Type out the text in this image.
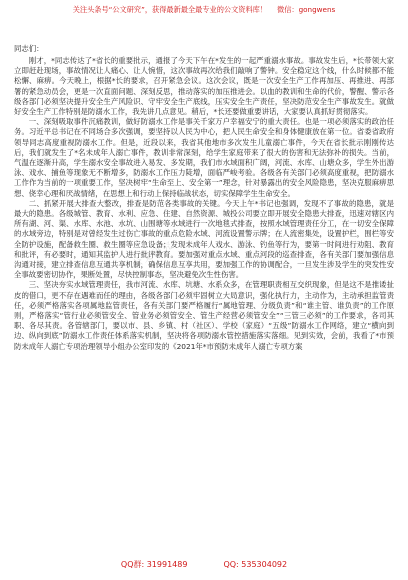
关注头条号“公文研究”，获得最新最全最专业的公文资料库！ 微信：gongwens
同志们：

刚才，*同志传达了*省长的重要批示，通报了今天下午在*发生的一起严重溺水事故。事故发生后，*长带领大家立即赶赴现场，事故情况让人痛心、让人惋惜，这次事故再次给我们敲响了警钟。安全稳定这个线，什么时候都不能松懈、麻痹。今天晚上，根据*长的要求，召开紧急会议。这次会议，既是一次安全生产工作再加压、再推进、再部署的紧急动员会，更是一次直面问题、深刻反思，推动落实的加压推进会。以血的教训和生命的代价，警醒、警示各级各部门必须坚决提升安全生产风险识、守牢安全生产底线，压实安全生产责任，坚决防范安全生产事故发生。就做好安全生产工作特别是防溺水工作，我先讲几点意见。稍后，*长还要做重要讲话，大家要认真抓好贯彻落实。

一、深刻吸取事件沉痛教训，做好防溺水工作是事关千家万户幸福安宁的重大责任。也是一项必须落实的政治任务。习近平总书记在不同场合多次强调，要坚持以人民为中心，把人民生命安全和身体健康放在第一位。省委省政府领导同志高度重视防溺水工作。但是，近段以来，我省其他地市多次发生儿童溺亡事件，今天在省长批示刚刚传达后，我们就发生了*名未成年人溺亡事件，教训非常深刻，给学生家庭带来了很大的伤害和无法弥补的损失。当前，气温在逐渐升高，学生溺水安全事故进入易发、多发期，我们市水域面积广阔，河流、水库、山塘众多，学生外出游泳、戏水、捕鱼等现象无不断增多，防溺水工作压力陡增，面临严峻考验。各级各有关部门必须高度重视，把防溺水工作作为当前的一项重要工作，坚决树牢“生命至上、安全第一”理念，针对暴露出的安全风险隐患，坚决克服麻痹思想、侥幸心理和厌战情绪，在思想上和行动上保持临战状态，切实保障学生生命安全。

二、抓紧开展大排查大整改，排查是防范各类事故的关键。今天上午*书记也强调，发现不了事故的隐患，就是最大的隐患。各级城管、教育、水利、应急、住建、自然资源、城投公司要立即开展安全隐患大排查，迅速对辖区内所有湖、河、渠、水库、水池、水坑、山围塘等水域进行一次地毯式排查，按照水域管理责任分工，在一切安全保障的水域旁边，特别是对曾经发生过伤亡事故的重点危险水域、河流设置警示牌；在人流密集处，设置护栏，围栏等安全防护设施，配备救生圈、救生圈等应急设备；发现未成年人戏水、游泳、钓鱼等行为，要第一时间进行劝阻、教育和批评，有必要时，通知其监护人进行批评教育。要加强对重点水域、重点河段的巡查排查，各有关部门要加强信息沟通对接，建立排查信息互通共享机制，确保信息互享共用，要加强工作的协调配合，一旦发生涉及学生的突发性安全事故要密切协作，果断处置，尽快控制事态，坚决避免次生性伤害。

三、坚决夯实水域管理责任，我市河流、水库、坑塘、水系众多，在管理职责相互交织现象，但是这不是推诿扯皮的借口，更不存在遇难而任的理由，各级各部门必须牢固树立大局意识，强化执行力，主动作为，主动承担监管责任，必须严格落实各项属地监管责任，各有关部门要严格履行“属地管理、分级负责”和“谁主管、谁负责”的工作原则，严格落实“管行业必须管安全、管业务必须管安全、管生产经营必须管安全”“三管三必须”的工作要求，各司其职、各尽其责。各管辖部门，要以市、县、乡镇、村（社区）、学校（家庭）“五级”防溺水工作网络，建立“横向到边、纵向到底”防溺水工作责任体系落实机制，坚决将各项防溺水管控措施落实落细。见到实效，会前，我看了*市预防未成年人溺亡专项治理领导小组办公室印发的《2021年*市预防未成年人溺亡专项方案

公文研究
QQ群: 31991489	QQ: 535304092
